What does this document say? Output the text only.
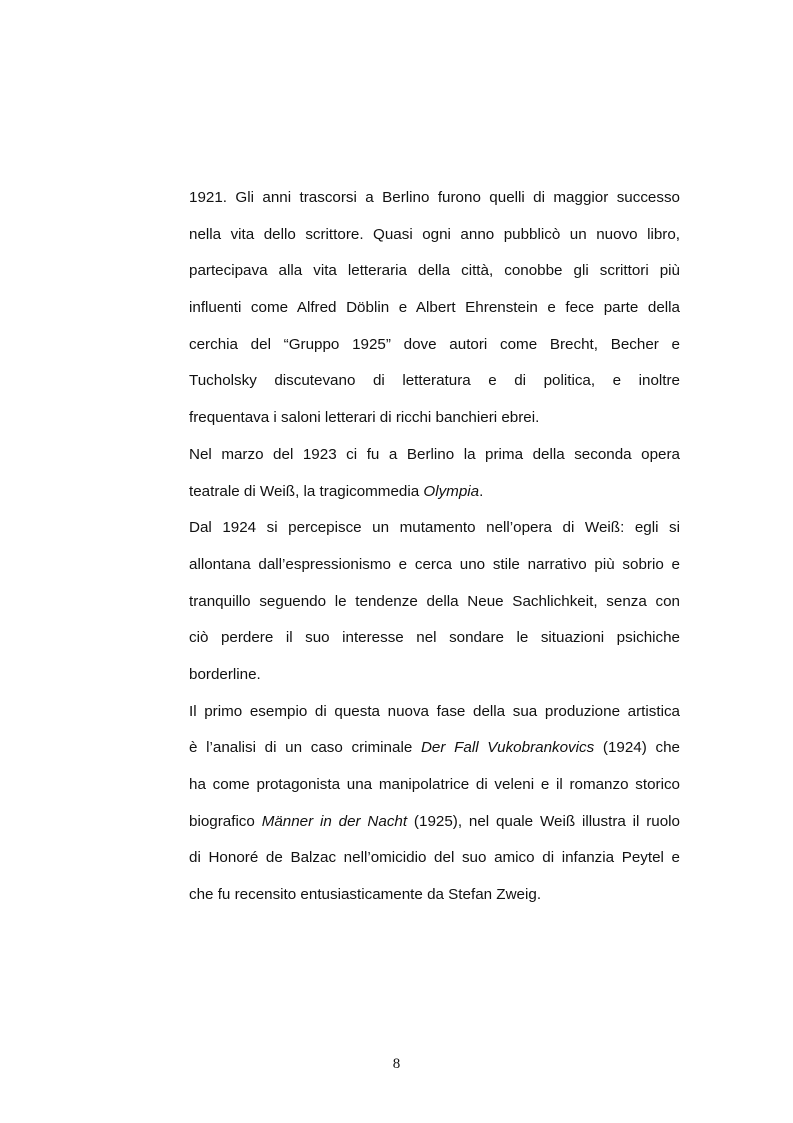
1921. Gli anni trascorsi a Berlino furono quelli di maggior successo
nella vita dello scrittore. Quasi ogni anno pubblicò un nuovo libro,
partecipava alla vita letteraria della città, conobbe gli scrittori più
influenti come Alfred Döblin e Albert Ehrenstein e fece parte della
cerchia del “Gruppo 1925” dove autori come Brecht, Becher e
Tucholsky discutevano di letteratura e di politica, e inoltre
frequentava i saloni letterari di ricchi banchieri ebrei.
Nel marzo del 1923 ci fu a Berlino la prima della seconda opera
teatrale di Weiß, la tragicommedia Olympia.
Dal 1924 si percepisce un mutamento nell’opera di Weiß: egli si
allontana dall’espressionismo e cerca uno stile narrativo più sobrio e
tranquillo seguendo le tendenze della Neue Sachlichkeit, senza con
ciò perdere il suo interesse nel sondare le situazioni psichiche
borderline.
Il primo esempio di questa nuova fase della sua produzione artistica
è l’analisi di un caso criminale Der Fall Vukobrankovics (1924) che
ha come protagonista una manipolatrice di veleni e il romanzo storico
biografico Männer in der Nacht (1925), nel quale Weiß illustra il ruolo
di Honoré de Balzac nell’omicidio del suo amico di infanzia Peytel e
che fu recensito entusiasticamente da Stefan Zweig.
8
